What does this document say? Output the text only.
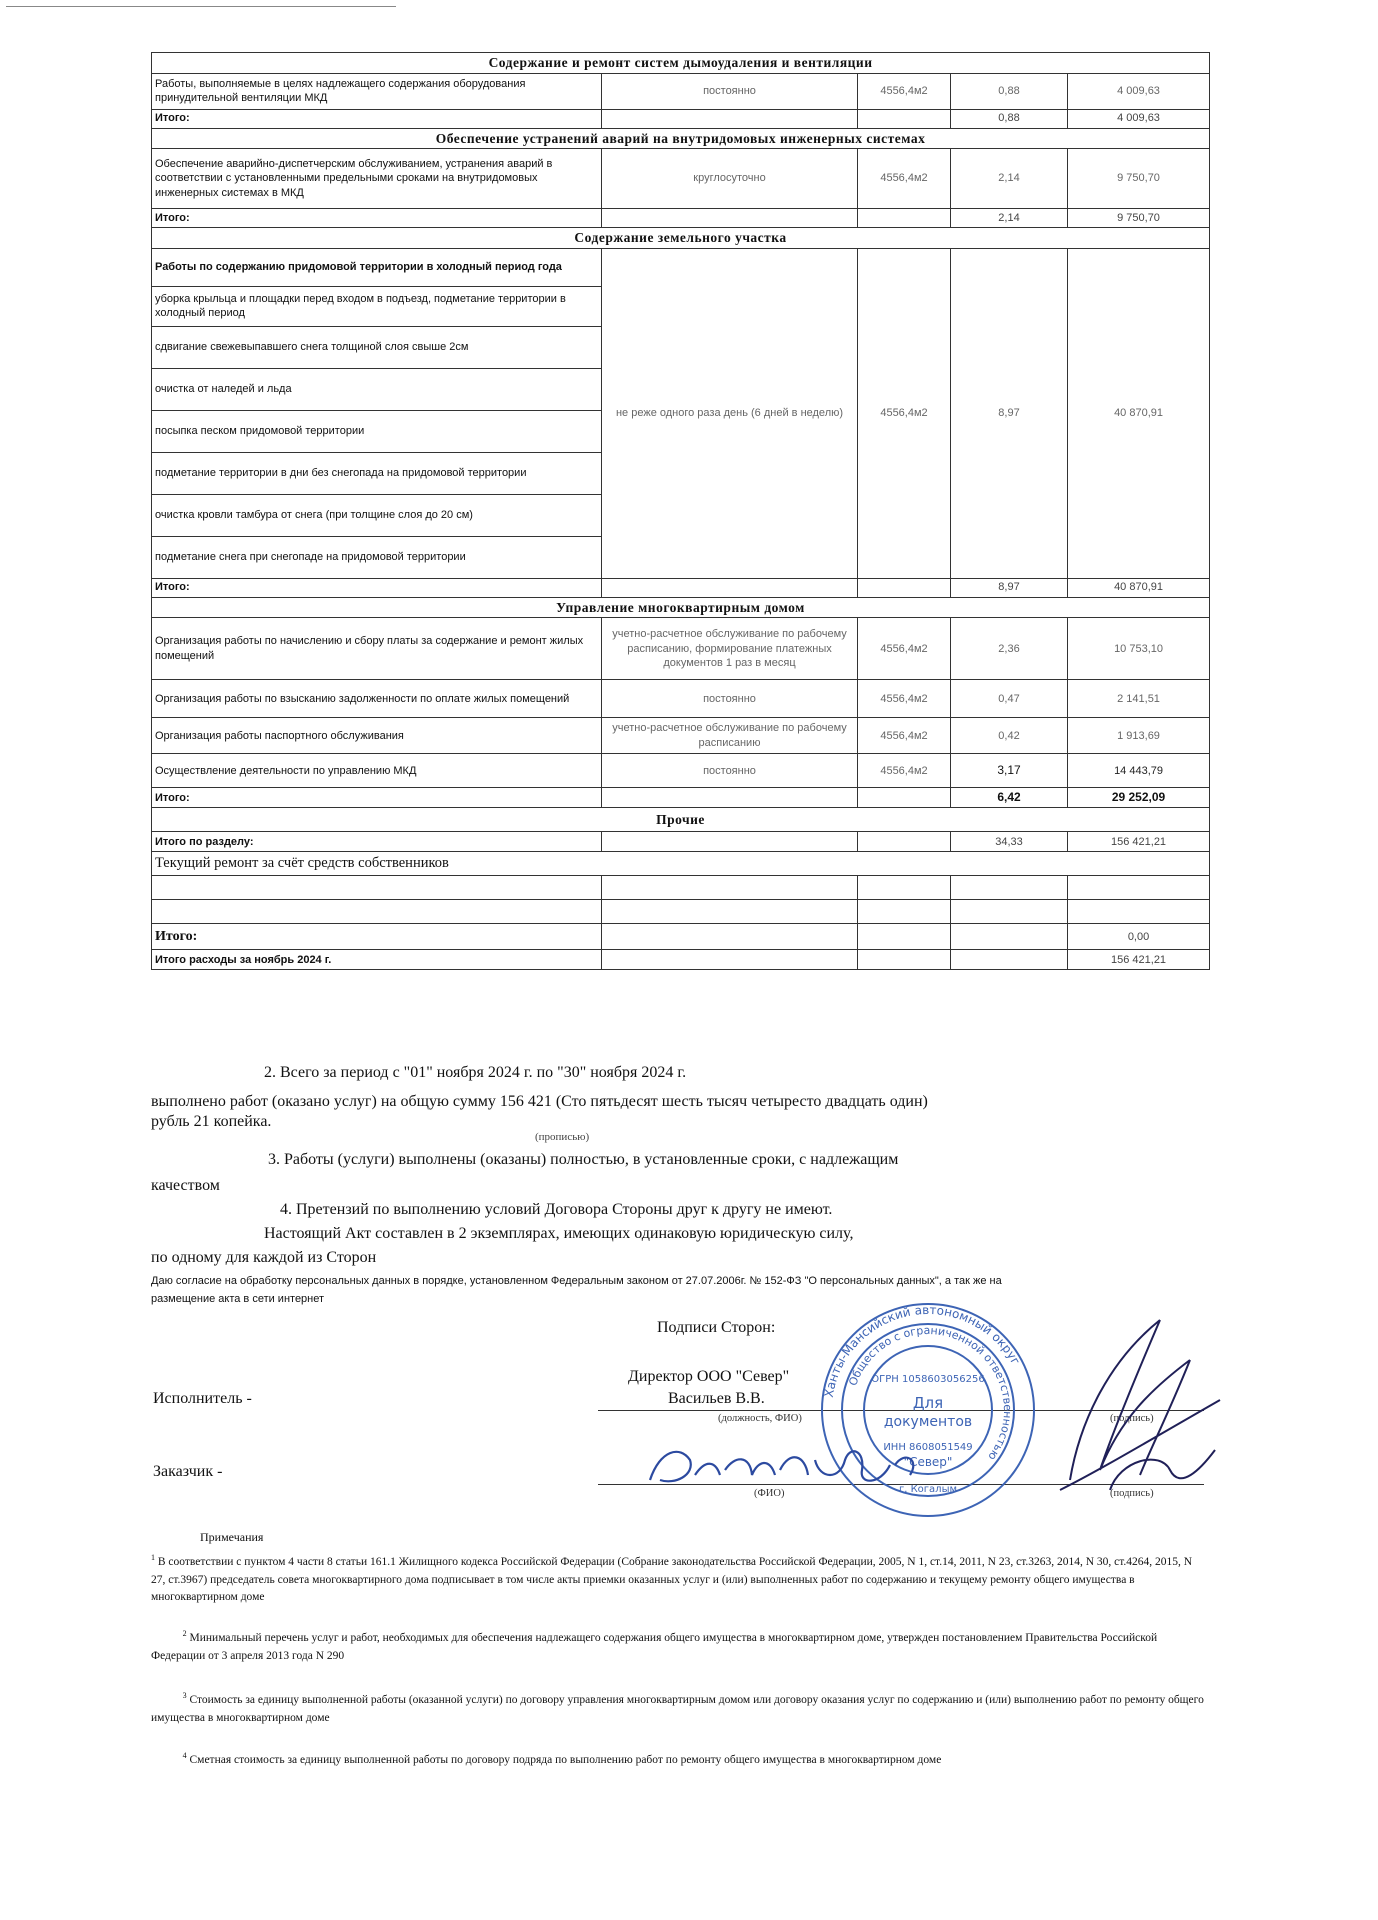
Содержание и ремонт систем дымоудаления и вентиляции				
Работы, выполняемые в целях надлежащего содержания оборудования принудительной вентиляции МКД	постоянно	4556,4м2	0,88	4 009,63
Итого:			0,88	4 009,63
Обеспечение устранений аварий на внутридомовых инженерных системах				
Обеспечение аварийно-диспетчерским обслуживанием, устранения аварий в соответствии с установленными предельными сроками на внутридомовых инженерных системах в МКД	круглосуточно	4556,4м2	2,14	9 750,70
Итого:			2,14	9 750,70
Содержание земельного участка				
Работы по содержанию придомовой территории в холодный период года	не реже одного раза день (6 дней в неделю)	4556,4м2	8,97	40 870,91
уборка крыльца и площадки перед входом в подъезд, подметание территории в холодный период				
сдвигание свежевыпавшего снега толщиной слоя свыше 2см				
очистка от наледей и льда				
посыпка песком придомовой территории				
подметание территории в дни без снегопада на придомовой территории				
очистка кровли тамбура от снега (при толщине слоя до 20 см)				
подметание снега при снегопаде на придомовой территории				
Итого:			8,97	40 870,91
Управление многоквартирным домом				
Организация работы по начислению и сбору платы за содержание и ремонт жилых помещений	учетно-расчетное обслуживание по рабочему расписанию, формирование платежных документов 1 раз в месяц	4556,4м2	2,36	10 753,10
Организация работы по взысканию задолженности по оплате жилых помещений	постоянно	4556,4м2	0,47	2 141,51
Организация работы паспортного обслуживания	учетно-расчетное обслуживание по рабочему расписанию	4556,4м2	0,42	1 913,69
Осуществление деятельности по управлению МКД	постоянно	4556,4м2	3,17	14 443,79
Итого:			6,42	29 252,09
Прочие				
Итого по разделу:			34,33	156 421,21
Текущий ремонт за счёт средств собственников				

Итого:				0,00
Итого расходы за ноябрь 2024 г.				156 421,21
2. Всего за период с "01" ноября 2024 г. по "30" ноября 2024 г.
выполнено работ (оказано услуг) на общую сумму 156 421 (Сто пятьдесят шесть тысяч четыресто двадцать один)
рубль 21 копейка.
(прописью)
3. Работы (услуги) выполнены (оказаны) полностью, в установленные сроки, с надлежащим
качеством
4. Претензий по выполнению условий Договора Стороны друг к другу не имеют.
Настоящий Акт составлен в 2 экземплярах, имеющих одинаковую юридическую силу,
по одному для каждой из Сторон
Даю согласие на обработку персональных данных в порядке, установленном Федеральным законом от 27.07.2006г. № 152-ФЗ "О персональных данных", а так же на
размещение акта в сети интернет
Подписи Сторон:
Директор ООО "Север"
Васильев В.В.
Исполнитель -
(должность, ФИО)	(подпись)
Заказчик -
(ФИО)	(подпись)
Ханты-Мансийский автономный округ
Общество с ограниченной ответственностью
ОГРН 1058603056256
Для
документов
ИНН 8608051549
"Север"
г. Когалым
Примечания
$^1$ В соответствии с пунктом 4 части 8 статьи 161.1 Жилищного кодекса Российской Федерации (Собрание законодательства Российской Федерации, 2005, N 1, ст.14, 2011, N 23, ст.3263, 2014, N 30, ст.4264, 2015, N 27, ст.3967) председатель совета многоквартирного дома подписывает в том числе акты приемки оказанных услуг и (или) выполненных работ по содержанию и текущему ремонту общего имущества в многоквартирном доме
$^2$ Минимальный перечень услуг и работ, необходимых для обеспечения надлежащего содержания общего имущества в многоквартирном доме, утвержден постановлением Правительства Российской Федерации от 3 апреля 2013 года N 290
$^3$ Стоимость за единицу выполненной работы (оказанной услуги) по договору управления многоквартирным домом или договору оказания услуг по содержанию и (или) выполнению работ по ремонту общего имущества в многоквартирном доме
$^4$ Сметная стоимость за единицу выполненной работы по договору подряда по выполнению работ по ремонту общего имущества в многоквартирном доме
